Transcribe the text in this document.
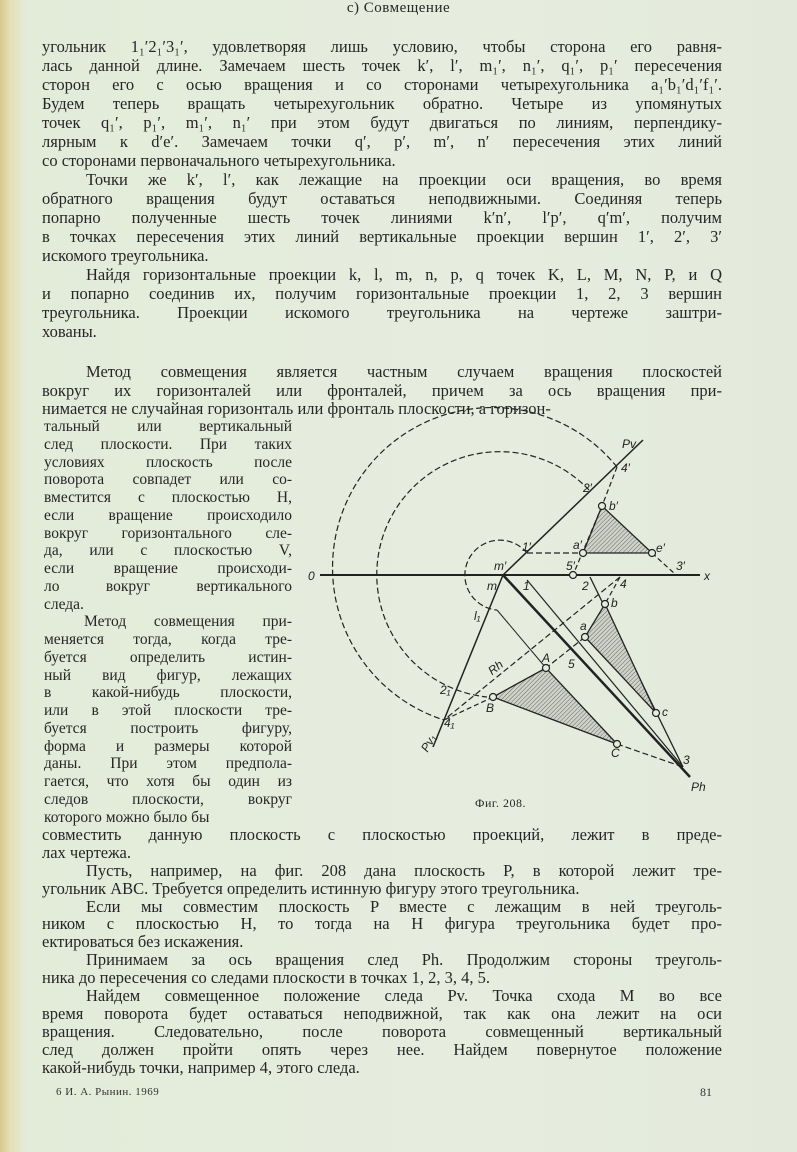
угольник 1₁′2₁′3₁′, удовлетворяя лишь условию, чтобы сторона его равня-
лась данной длине. Замечаем шесть точек k′, l′, m₁′, n₁′, q₁′, p₁′ пересечения
сторон его с осью вращения и со сторонами четырехугольника a₁′b₁′d₁′f₁′.
Будем теперь вращать четырехугольник обратно. Четыре из упомянутых
точек q₁′, p₁′, m₁′, n₁′ при этом будут двигаться по линиям, перпендику-
лярным к d′e′. Замечаем точки q′, p′, m′, n′ пересечения этих линий
со сторонами первоначального четырехугольника.
Точки же k′, l′, как лежащие на проекции оси вращения, во время
обратного вращения будут оставаться неподвижными. Соединяя теперь
попарно полученные шесть точек линиями k′n′, l′p′, q′m′, получим
в точках пересечения этих линий вертикальные проекции вершин 1′, 2′, 3′
искомого треугольника.
Найдя горизонтальные проекции k, l, m, n, p, q точек K, L, M, N, P, и Q
и попарно соединив их, получим горизонтальные проекции 1, 2, 3 вершин
треугольника. Проекции искомого треугольника на чертеже заштри-
хованы.
с) Совмещение
Метод совмещения является частным случаем вращения плоскостей
вокруг их горизонталей или фронталей, причем за ось вращения при-
нимается не случайная горизонталь или фронталь плоскости, а горизон-
тальный или вертикальный
след плоскости. При таких
условиях плоскость после
поворота совпадет или со-
вместится с плоскостью H,
если вращение происходило
вокруг горизонтального сле-
да, или с плоскостью V,
если вращение происходи-
ло вокруг вертикального
следа.
Метод совмещения при-
меняется тогда, когда тре-
буется определить истин-
ный вид фигур, лежащих
в какой-нибудь плоскости,
или в этой плоскости тре-
буется построить фигуру,
форма и размеры которой
даны. При этом предпола-
гается, что хотя бы один из
следов плоскости, вокруг
которого можно было бы
совместить данную плоскость с плоскостью проекций, лежит в преде-
лах чертежа.
Пусть, например, на фиг. 208 дана плоскость P, в которой лежит тре-
угольник ABC. Требуется определить истинную фигуру этого треугольника.
Если мы совместим плоскость P вместе с лежащим в ней треуголь-
ником с плоскостью H, то тогда на H фигура треугольника будет про-
ектироваться без искажения.
Принимаем за ось вращения след Ph. Продолжим стороны треуголь-
ника до пересечения со следами плоскости в точках 1, 2, 3, 4, 5.
Найдем совмещенное положение следа Pv. Точка схода M во все
время поворота будет оставаться неподвижной, так как она лежит на оси
вращения. Следовательно, после поворота совмещенный вертикальный
след должен пройти опять через нее. Найдем повернутое положение
какой-нибудь точки, например 4, этого следа.
Pv
4′
2′
b′
1′	a′	e′
m′	5′	3′
0	x
m 1	2	4
b
l₁
a
A 5
Rh
2₁
B	c
4₁
Pv₁	C	3
Ph
Фиг. 208.
6 И. А. Рынин. 1969	81
